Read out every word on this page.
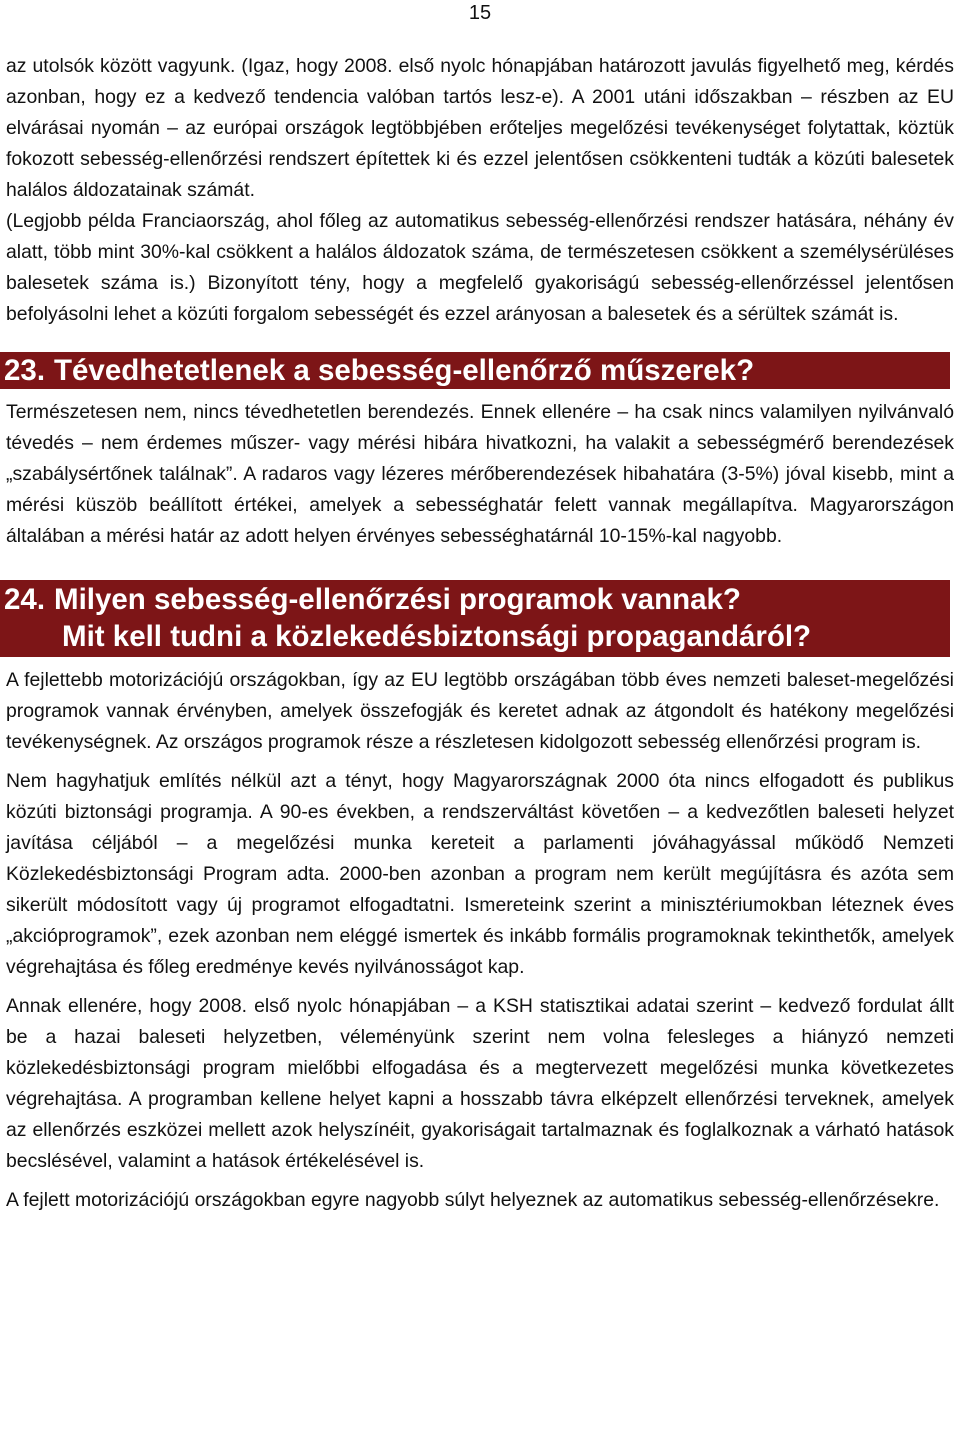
15

az utolsók között vagyunk. (Igaz, hogy 2008. első nyolc hónapjában határozott javulás figyelhető meg, kérdés azonban, hogy ez a kedvező tendencia valóban tartós lesz-e). A 2001 utáni időszakban – részben az EU elvárásai nyomán – az európai országok legtöbbjében erőteljes megelőzési tevékenységet folytattak, köztük fokozott sebesség-ellenőrzési rendszert építettek ki és ezzel jelentősen csökkenteni tudták a közúti balesetek halálos áldozatainak számát.

(Legjobb példa Franciaország, ahol főleg az automatikus sebesség-ellenőrzési rendszer hatására, néhány év alatt, több mint 30%-kal csökkent a halálos áldozatok száma, de természetesen csökkent a személysérüléses balesetek száma is.) Bizonyított tény, hogy a megfelelő gyakoriságú sebesség-ellenőrzéssel jelentősen befolyásolni lehet a közúti forgalom sebességét és ezzel arányosan a balesetek és a sérültek számát is.

23. Tévedhetetlenek a sebesség-ellenőrző műszerek?

Természetesen nem, nincs tévedhetetlen berendezés. Ennek ellenére – ha csak nincs valamilyen nyilvánvaló tévedés – nem érdemes műszer- vagy mérési hibára hivatkozni, ha valakit a sebességmérő berendezések „szabálysértőnek találnak”. A radaros vagy lézeres mérőberendezések hibahatára (3-5%) jóval kisebb, mint a mérési küszöb beállított értékei, amelyek a sebességhatár felett vannak megállapítva. Magyarországon általában a mérési határ az adott helyen érvényes sebességhatárnál 10-15%-kal nagyobb.

24. Milyen sebesség-ellenőrzési programok vannak?
Mit kell tudni a közlekedésbiztonsági propagandáról?

A fejlettebb motorizációjú országokban, így az EU legtöbb országában több éves nemzeti baleset-megelőzési programok vannak érvényben, amelyek összefogják és keretet adnak az átgondolt és hatékony megelőzési tevékenységnek. Az országos programok része a részletesen kidolgozott sebesség ellenőrzési program is.

Nem hagyhatjuk említés nélkül azt a tényt, hogy Magyarországnak 2000 óta nincs elfogadott és publikus közúti biztonsági programja. A 90-es években, a rendszerváltást követően – a kedvezőtlen baleseti helyzet javítása céljából – a megelőzési munka kereteit a parlamenti jóváhagyással működő Nemzeti Közlekedésbiztonsági Program adta. 2000-ben azonban a program nem került megújításra és azóta sem sikerült módosított vagy új programot elfogadtatni. Ismereteink szerint a minisztériumokban léteznek éves „akcióprogramok”, ezek azonban nem eléggé ismertek és inkább formális programoknak tekinthetők, amelyek végrehajtása és főleg eredménye kevés nyilvánosságot kap.

Annak ellenére, hogy 2008. első nyolc hónapjában – a KSH statisztikai adatai szerint – kedvező fordulat állt be a hazai baleseti helyzetben, véleményünk szerint nem volna felesleges a hiányzó nemzeti közlekedésbiztonsági program mielőbbi elfogadása és a megtervezett megelőzési munka következetes végrehajtása. A programban kellene helyet kapni a hosszabb távra elképzelt ellenőrzési terveknek, amelyek az ellenőrzés eszközei mellett azok helyszínéit, gyakoriságait tartalmaznak és foglalkoznak a várható hatások becslésével, valamint a hatások értékelésével is.

A fejlett motorizációjú országokban egyre nagyobb súlyt helyeznek az automatikus sebesség-ellenőrzésekre.
